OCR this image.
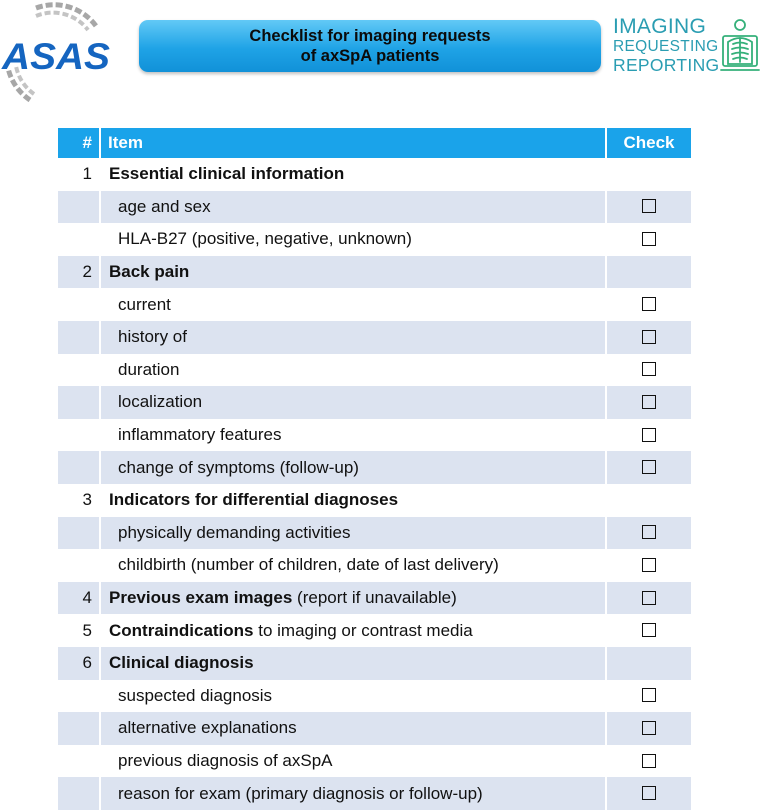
ASAS	Checklist for imaging requests
of axSpA patients
IMAGING
REQUESTING
REPORTING
#	Item	Check
1	Essential clinical information	
	age and sex	
	HLA-B27 (positive, negative, unknown)	
2	Back pain	
	current	
	history of	
	duration	
	localization	
	inflammatory features	
	change of symptoms (follow-up)	
3	Indicators for differential diagnoses	
	physically demanding activities	
	childbirth (number of children, date of last delivery)	
4	Previous exam images (report if unavailable)	
5	Contraindications to imaging or contrast media	
6	Clinical diagnosis	
	suspected diagnosis	
	alternative explanations	
	previous diagnosis of axSpA	
	reason for exam (primary diagnosis or follow-up)	
